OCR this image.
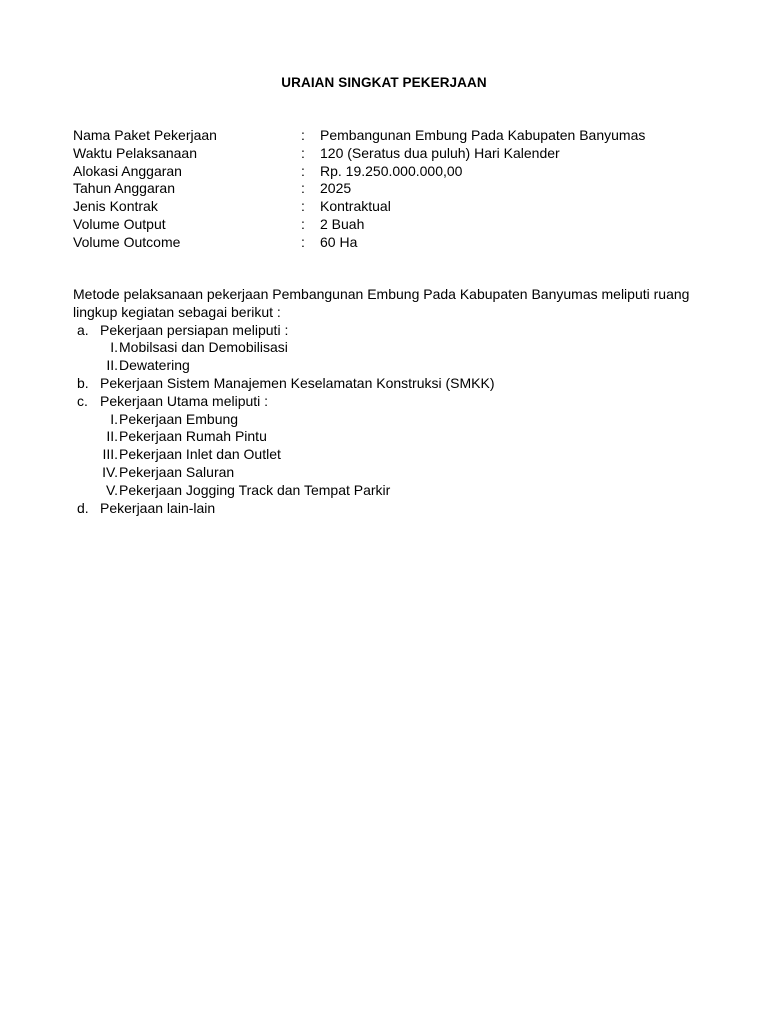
URAIAN SINGKAT PEKERJAAN
Nama Paket Pekerjaan	: Pembangunan Embung Pada Kabupaten Banyumas
Waktu Pelaksanaan	: 120 (Seratus dua puluh) Hari Kalender
Alokasi Anggaran	: Rp. 19.250.000.000,00
Tahun Anggaran	: 2025
Jenis Kontrak	: Kontraktual
Volume Output	: 2 Buah
Volume Outcome	: 60 Ha
Metode pelaksanaan pekerjaan Pembangunan Embung Pada Kabupaten Banyumas meliputi ruang lingkup kegiatan sebagai berikut :
a. Pekerjaan persiapan meliputi :
I. Mobilsasi dan Demobilisasi
II. Dewatering
b. Pekerjaan Sistem Manajemen Keselamatan Konstruksi (SMKK)
c. Pekerjaan Utama meliputi :
I. Pekerjaan Embung
II. Pekerjaan Rumah Pintu
III. Pekerjaan Inlet dan Outlet
IV. Pekerjaan Saluran
V. Pekerjaan Jogging Track dan Tempat Parkir
d. Pekerjaan lain-lain
